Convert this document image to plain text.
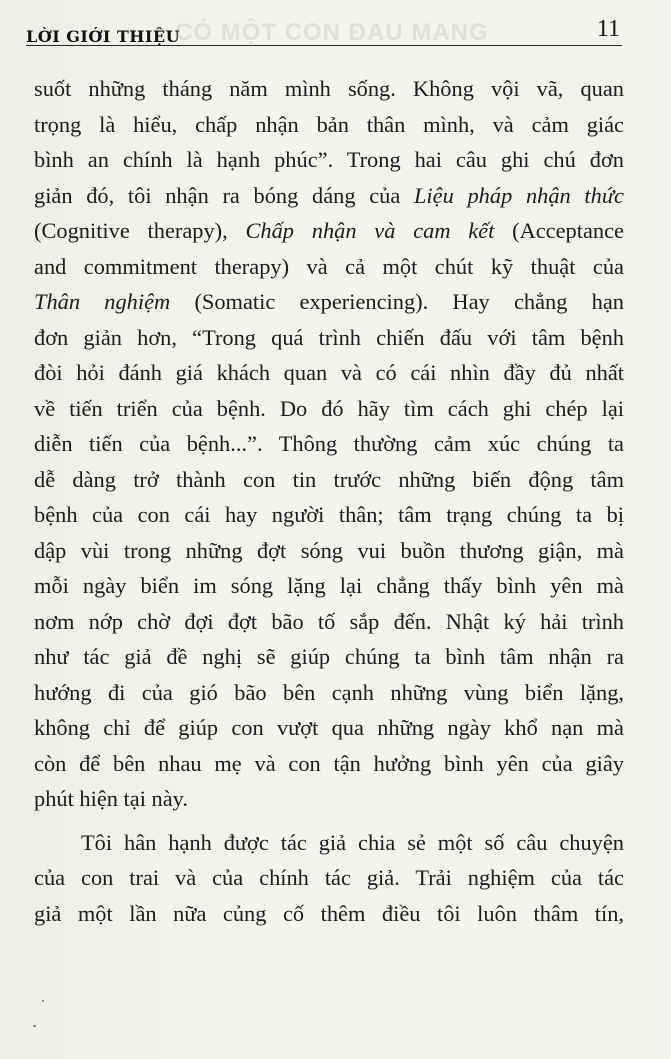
CÓ MỘT CON ĐAU MANG
LỜI GIỚI THIỆU	11
suốt những tháng năm mình sống. Không vội vã, quan
trọng là hiểu, chấp nhận bản thân mình, và cảm giác
bình an chính là hạnh phúc”. Trong hai câu ghi chú đơn
giản đó, tôi nhận ra bóng dáng của Liệu pháp nhận thức
(Cognitive therapy), Chấp nhận và cam kết (Acceptance
and commitment therapy) và cả một chút kỹ thuật của
Thân nghiệm (Somatic experiencing). Hay chẳng hạn
đơn giản hơn, “Trong quá trình chiến đấu với tâm bệnh
đòi hỏi đánh giá khách quan và có cái nhìn đầy đủ nhất
về tiến triển của bệnh. Do đó hãy tìm cách ghi chép lại
diễn tiến của bệnh...”. Thông thường cảm xúc chúng ta
dễ dàng trở thành con tin trước những biến động tâm
bệnh của con cái hay người thân; tâm trạng chúng ta bị
dập vùi trong những đợt sóng vui buồn thương giận, mà
mỗi ngày biển im sóng lặng lại chẳng thấy bình yên mà
nơm nớp chờ đợi đợt bão tố sắp đến. Nhật ký hải trình
như tác giả đề nghị sẽ giúp chúng ta bình tâm nhận ra
hướng đi của gió bão bên cạnh những vùng biển lặng,
không chỉ để giúp con vượt qua những ngày khổ nạn mà
còn để bên nhau mẹ và con tận hưởng bình yên của giây
phút hiện tại này.
Tôi hân hạnh được tác giả chia sẻ một số câu chuyện
của con trai và của chính tác giả. Trải nghiệm của tác
giả một lần nữa củng cố thêm điều tôi luôn thâm tín,
